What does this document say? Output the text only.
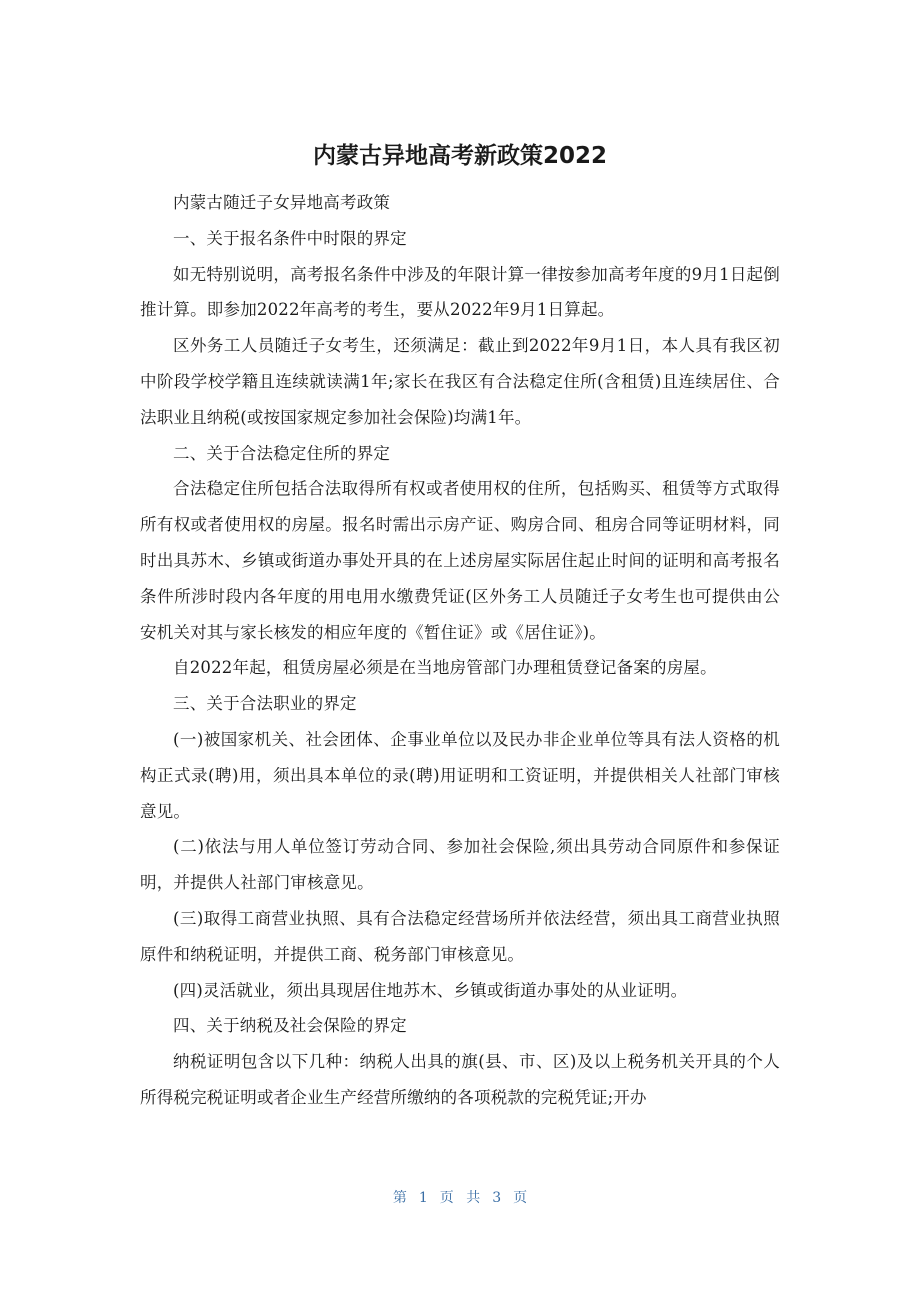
内蒙古异地高考新政策2022

内蒙古随迁子女异地高考政策

一、关于报名条件中时限的界定

如无特别说明，高考报名条件中涉及的年限计算一律按参加高考年度的9月1日起倒推计算。即参加2022年高考的考生，要从2022年9月1日算起。

区外务工人员随迁子女考生，还须满足：截止到2022年9月1日，本人具有我区初中阶段学校学籍且连续就读满1年;家长在我区有合法稳定住所(含租赁)且连续居住、合法职业且纳税(或按国家规定参加社会保险)均满1年。

二、关于合法稳定住所的界定

合法稳定住所包括合法取得所有权或者使用权的住所，包括购买、租赁等方式取得所有权或者使用权的房屋。报名时需出示房产证、购房合同、租房合同等证明材料，同时出具苏木、乡镇或街道办事处开具的在上述房屋实际居住起止时间的证明和高考报名条件所涉时段内各年度的用电用水缴费凭证(区外务工人员随迁子女考生也可提供由公安机关对其与家长核发的相应年度的《暂住证》或《居住证》)。

自2022年起，租赁房屋必须是在当地房管部门办理租赁登记备案的房屋。

三、关于合法职业的界定

(一)被国家机关、社会团体、企事业单位以及民办非企业单位等具有法人资格的机构正式录(聘)用，须出具本单位的录(聘)用证明和工资证明，并提供相关人社部门审核意见。

(二)依法与用人单位签订劳动合同、参加社会保险,须出具劳动合同原件和参保证明，并提供人社部门审核意见。

(三)取得工商营业执照、具有合法稳定经营场所并依法经营，须出具工商营业执照原件和纳税证明，并提供工商、税务部门审核意见。

(四)灵活就业，须出具现居住地苏木、乡镇或街道办事处的从业证明。

四、关于纳税及社会保险的界定

纳税证明包含以下几种：纳税人出具的旗(县、市、区)及以上税务机关开具的个人所得税完税证明或者企业生产经营所缴纳的各项税款的完税凭证;开办

第 1 页 共 3 页
